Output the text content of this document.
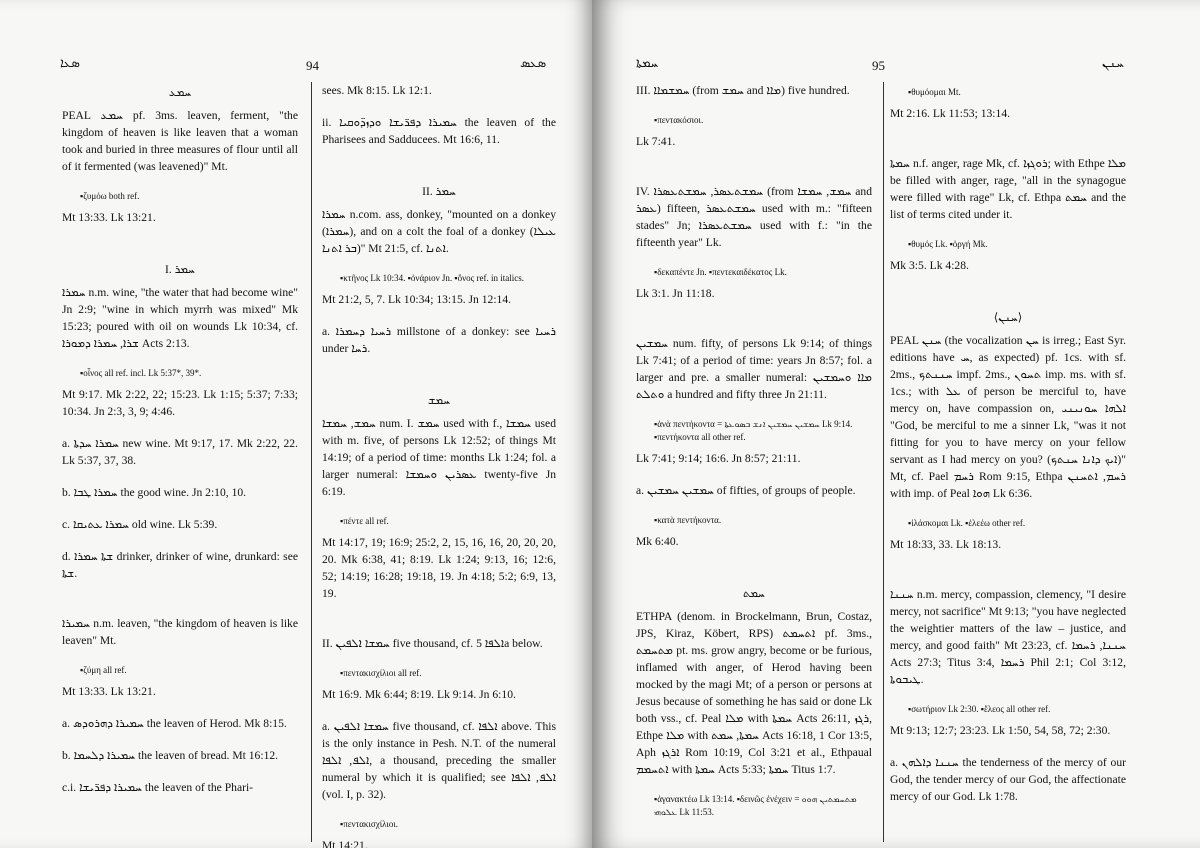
ܣܥܐ	94	ܣܥܣ
ܚܡܥ
PEAL ܚܡܥ pf. 3ms. leaven, ferment, "the kingdom of heaven is like leaven that a woman took and buried in three measures of flour until all of it fermented (was leavened)" Mt.
▪ζυμόω both ref.
Mt 13:33. Lk 13:21.
I. ܚܡܪ
ܚܡܪܐ n.m. wine, "the water that had become wine" Jn 2:9; "wine in which myrrh was mixed" Mk 15:23; poured with oil on wounds Lk 10:34, cf. ܫܪܐ, ܚܡܪܐ ܕܡܘܪܐ Acts 2:13.
▪οἶνος all ref. incl. Lk 5:37*, 39*.
Mt 9:17. Mk 2:22, 22; 15:23. Lk 1:15; 5:37; 7:33; 10:34. Jn 2:3, 3, 9; 4:46.
a. ܚܡܪܐ ܚܕܬܐ new wine. Mt 9:17, 17. Mk 2:22, 22. Lk 5:37, 37, 38.
b. ܚܡܪܐ ܛܒܐ the good wine. Jn 2:10, 10.
c. ܚܡܪܐ ܥܬܝܩܐ old wine. Lk 5:39.
d. ܫܬܐ ܚܡܪܐ drinker, drinker of wine, drunkard: see ܫܬܐ.
ܚܡܝܪܐ n.m. leaven, "the kingdom of heaven is like leaven" Mt.
▪ζύμη all ref.
Mt 13:33. Lk 13:21.
a. ܚܡܝܪܐ ܕܗܪܘܕܣ the leaven of Herod. Mk 8:15.
b. ܚܡܝܪܐ ܕܠܚܡܐ the leaven of bread. Mt 16:12.
c.i. ܚܡܝܪܐ ܕܦܪ̈ܝܫܐ the leaven of the Phari-
sees. Mk 8:15. Lk 12:1.
ii. ܚܡܝܪܐ ܕܦܪ̈ܝܫܐ ܘܕܙܕ̈ܘܩܝܐ the leaven of the Pharisees and Sadducees. Mt 16:6, 11.
II. ܚܡܪ
ܚܡܪܐ n.com. ass, donkey, "mounted on a donkey (ܚܡܪܐ), and on a colt the foal of a donkey (ܥܝܠܐ ܒܪ ܐܬܢܐ)" Mt 21:5, cf. ܐܬܢܐ.
▪κτῆνος Lk 10:34. ▪ὀνάριον Jn. ▪ὄνος ref. in italics.
Mt 21:2, 5, 7. Lk 10:34; 13:15. Jn 12:14.
a. ܪܚܝܐ ܕܚܡܪܐ millstone of a donkey: see ܪܚܝܐ under ܪܚܐ.
ܚܡܫ
ܚܡܫ, ܚܡܫܐ num. I. ܚܡܫ used with f., ܚܡܫܐ used with m. five, of persons Lk 12:52; of things Mt 14:19; of a period of time: months Lk 1:24; fol. a larger numeral: ܥܣܪܝܢ ܘܚܡܫܐ twenty-five Jn 6:19.
▪πέντε all ref.
Mt 14:17, 19; 16:9; 25:2, 2, 15, 16, 16, 20, 20, 20, 20. Mk 6:38, 41; 8:19. Lk 1:24; 9:13, 16; 12:6, 52; 14:19; 16:28; 19:18, 19. Jn 4:18; 5:2; 6:9, 13, 19.
II. ܚܡܫܐ ܐܠܦܝܢ five thousand, cf. ܐܠܦܐ 5a below.
▪πεντακισχίλιοι all ref.
Mt 16:9. Mk 6:44; 8:19. Lk 9:14. Jn 6:10.
a. ܚܡܫܐ ܐܠܦܝܢ five thousand, cf. ܐܠܦܐ above. This is the only instance in Pesh. N.T. of the numeral ܐܠܦ, ܐܠܦܐ, a thousand, preceding the smaller numeral by which it is qualified; see ܐܠܦ, ܐܠܦܐ (vol. I, p. 32).
▪πεντακισχίλιοι.
Mt 14:21.
ܚܡܬܐ	95	ܚܢܢ
III. ܚܡܫܡܐܐ (from ܚܡܫ and ܡܐܐ) five hundred.
▪πεντακόσιοι.
Lk 7:41.
IV. ܚܡܫܬܥܣܪ, ܚܡܫܬܥܣܪܐ (from ܚܡܫ, ܚܡܫܐ and ܥܣܪ) fifteen, ܚܡܫܬܥܣܪ used with m.: "fifteen stades" Jn; ܚܡܫܬܥܣܪܐ used with f.: "in the fifteenth year" Lk.
▪δεκαπέντε Jn. ▪πεντεκαιδέκατος Lk.
Lk 3:1. Jn 11:18.
ܚܡܫܝܢ num. fifty, of persons Lk 9:14; of things Lk 7:41; of a period of time: years Jn 8:57; fol. a larger and pre. a smaller numeral: ܡܐܐ ܘܚܡܫܝܢ ܘܬܠܬ a hundred and fifty three Jn 21:11.
▪ἀνὰ πεντήκοντα = ܚܡܫܝܢ ܚܡܫܝܢ ܐܢܫ ܒܣܘܥܬܐ Lk 9:14. ▪πεντήκοντα all other ref.
Lk 7:41; 9:14; 16:6. Jn 8:57; 21:11.
a. ܚܡܫܝܢ ܚܡܫܝܢ of fifties, of groups of people.
▪κατὰ πεντήκοντα.
Mk 6:40.
ܚܡܬ
ETHPA (denom. in Brockelmann, Brun, Costaz, JPS, Kiraz, Köbert, RPS) ܐܬܚܡܬ pf. 3ms., ܡܬܚܡܬ pt. ms. grow angry, become or be furious, inflamed with anger, of Herod having been mocked by the magi Mt; of a person or persons at Jesus because of something he has said or done Lk both vss., cf. Peal ܡܠܐ with ܚܡܬܐ Acts 26:11, ܪܓܙ, Ethpe ܡܠܐ with ܚܡܬܐ, ܚܡܬ Acts 16:18, 1 Cor 13:5, Aph ܐܪܓܙ Rom 10:19, Col 3:21 et al., Ethpaual ܐܬܚܡܡ with ܚܡܬܐ Acts 5:33; ܚܡܬܐ Titus 1:7.
▪ἀγανακτέω Lk 13:14. ▪δεινῶς ἐνέχειν = ܡܬܚܡܬܝܢ ܗܘܘ ܥܠܘܗܝ Lk 11:53.
▪θυμόομαι Mt.
Mt 2:16. Lk 11:53; 13:14.
ܚܡܬܐ n.f. anger, rage Mk, cf. ܪܘܓܙܐ; with Ethpe ܡܠܐ be filled with anger, rage, "all in the synagogue were filled with rage" Lk, cf. Ethpa ܚܡܬ and the list of terms cited under it.
▪θυμός Lk. ▪ὀργή Mk.
Mk 3:5. Lk 4:28.
⟨ܚܢܢ⟩
PEAL ܚܢܢ (the vocalization ܚܢ is irreg.; East Syr. editions have ܚ, as expected) pf. 1cs. with sf. 2ms., ܚܢܢܬܟ impf. 2ms., ܬܚܘܢ imp. ms. with sf. 1cs.; with ܥܠ of person be merciful to, have mercy on, have compassion on, ܐܠܗܐ ܚܘܢܝܢܝ "God, be merciful to me a sinner Lk, "was it not fitting for you to have mercy on your fellow servant as I had mercy on you? (ܐܝܟ ܕܐܢܐ ܚܢܬܟ)" Mt, cf. Pael ܪܚܡ Rom 9:15, Ethpa ܪܚܡ, ܐܬܚܢܢ with imp. of Peal ܗܘܐ Lk 6:36.
▪ἱλάσκομαι Lk. ▪ἐλεέω other ref.
Mt 18:33, 33. Lk 18:13.
ܚܢܢܐ n.m. mercy, compassion, clemency, "I desire mercy, not sacrifice" Mt 9:13; "you have neglected the weightier matters of the law – justice, and mercy, and good faith" Mt 23:23, cf. ܚܢܢܐ, ܪܚܡܐ Acts 27:3; Titus 3:4, ܪܚܡܐ Phil 2:1; Col 3:12, ܛܝܒܘܬܐ.
▪σωτήριον Lk 2:30. ▪ἔλεος all other ref.
Mt 9:13; 12:7; 23:23. Lk 1:50, 54, 58, 72; 2:30.
a. ܚܢܢܐ ܕܐܠܗܢ the tenderness of the mercy of our God, the tender mercy of our God, the affectionate mercy of our God. Lk 1:78.
